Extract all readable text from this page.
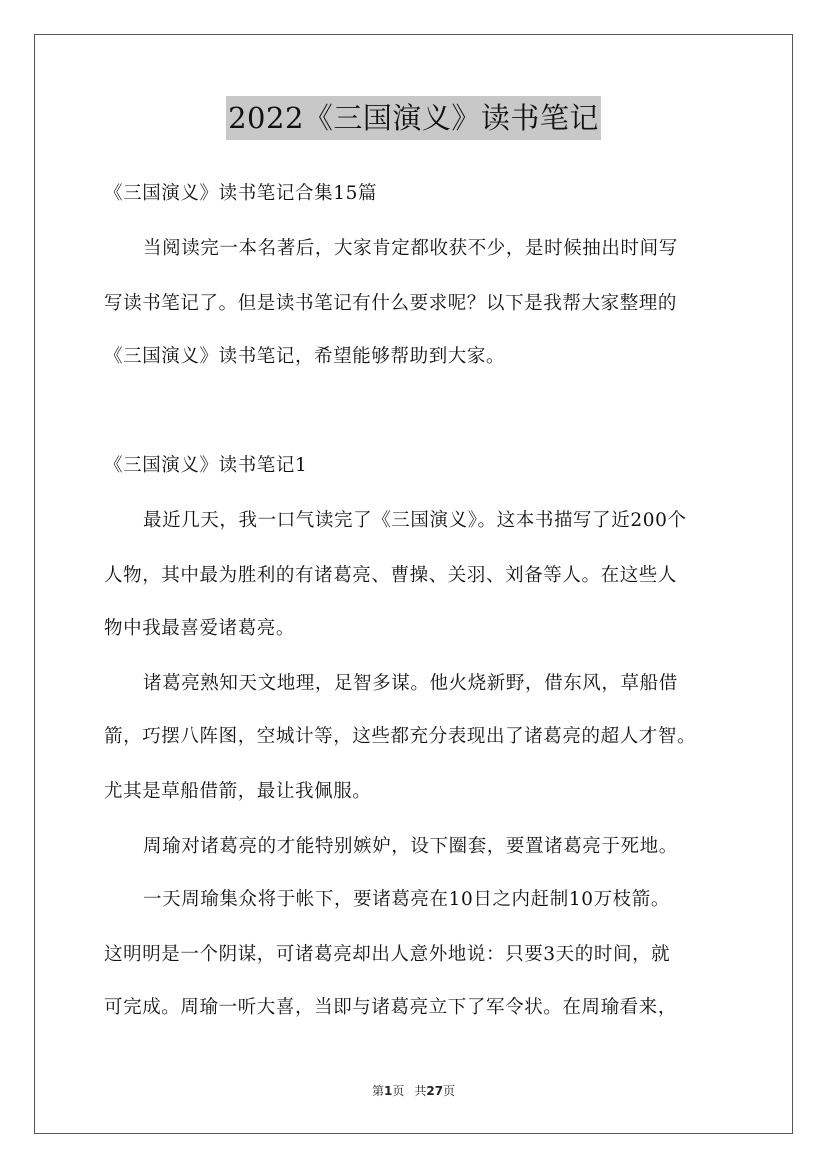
2022《三国演义》读书笔记
《三国演义》读书笔记合集15篇
当阅读完一本名著后，大家肯定都收获不少，是时候抽出时间写
写读书笔记了。但是读书笔记有什么要求呢？以下是我帮大家整理的
《三国演义》读书笔记，希望能够帮助到大家。
《三国演义》读书笔记1
最近几天，我一口气读完了《三国演义》。这本书描写了近200个
人物，其中最为胜利的有诸葛亮、曹操、关羽、刘备等人。在这些人
物中我最喜爱诸葛亮。
诸葛亮熟知天文地理，足智多谋。他火烧新野，借东风，草船借
箭，巧摆八阵图，空城计等，这些都充分表现出了诸葛亮的超人才智。
尤其是草船借箭，最让我佩服。
周瑜对诸葛亮的才能特别嫉妒，设下圈套，要置诸葛亮于死地。
一天周瑜集众将于帐下，要诸葛亮在10日之内赶制10万枝箭。
这明明是一个阴谋，可诸葛亮却出人意外地说：只要3天的时间，就
可完成。周瑜一听大喜，当即与诸葛亮立下了军令状。在周瑜看来，
第1页 共27页
